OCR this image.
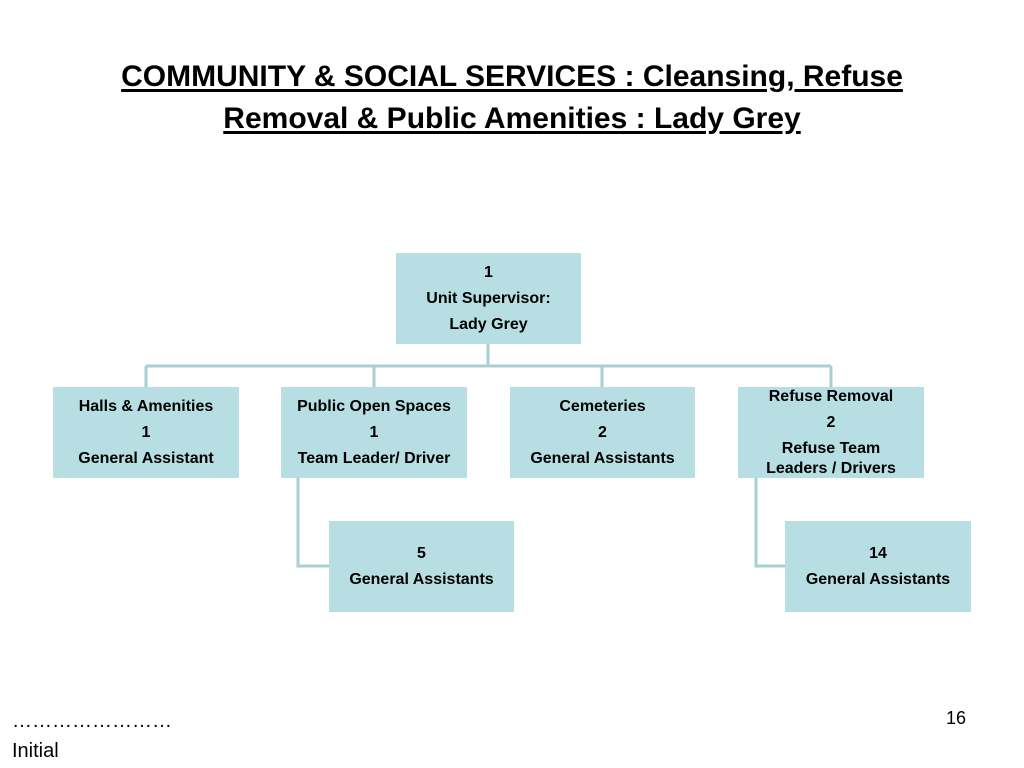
COMMUNITY & SOCIAL SERVICES : Cleansing, Refuse
Removal & Public Amenities : Lady Grey
1
Unit Supervisor:
Lady Grey
Halls & Amenities
1
General Assistant
Public Open Spaces
1
Team Leader/ Driver
Cemeteries
2
General Assistants
Refuse Removal
2
Refuse Team
Leaders / Drivers
5
General Assistants
14
General Assistants
……………………
Initial
16
